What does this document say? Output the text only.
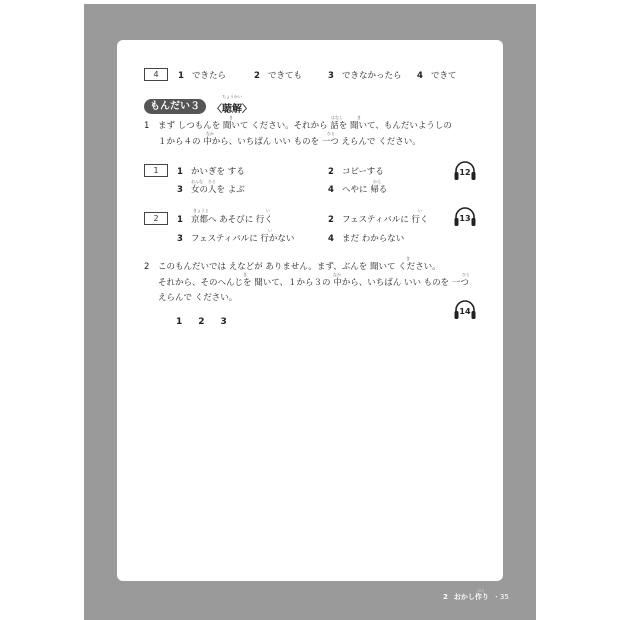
4	1 できたら	2 できても	3 できなかったら 4 できて
もんだい３
ちょうかい
〈聴解〉
き	はなし	き
1 まず しつもんを 聞いて ください。それから 話を 聞いて、もんだいようしの
なか	ひと
１から４の 中から、いちばん いい ものを 一つ えらんで ください。
1	1 かいぎを する	2 コピーする
おんな ひと	かえ
3 女の人を よぶ	4 へやに 帰る
12
きょうと	い	い
2	1 京都へ あそびに 行く	2 フェスティバルに 行く
い
3 フェスティバルに 行かない	4 まだ わからない
13
き
2 このもんだいでは えなどが ありません。まず、ぶんを 聞いて ください。
き	なか	ひと
それから、そのへんじを 聞いて、１から３の 中から、いちばん いい ものを 一つ
えらんで ください。
14
1 2 3
つく
2 おかし作り ・35
